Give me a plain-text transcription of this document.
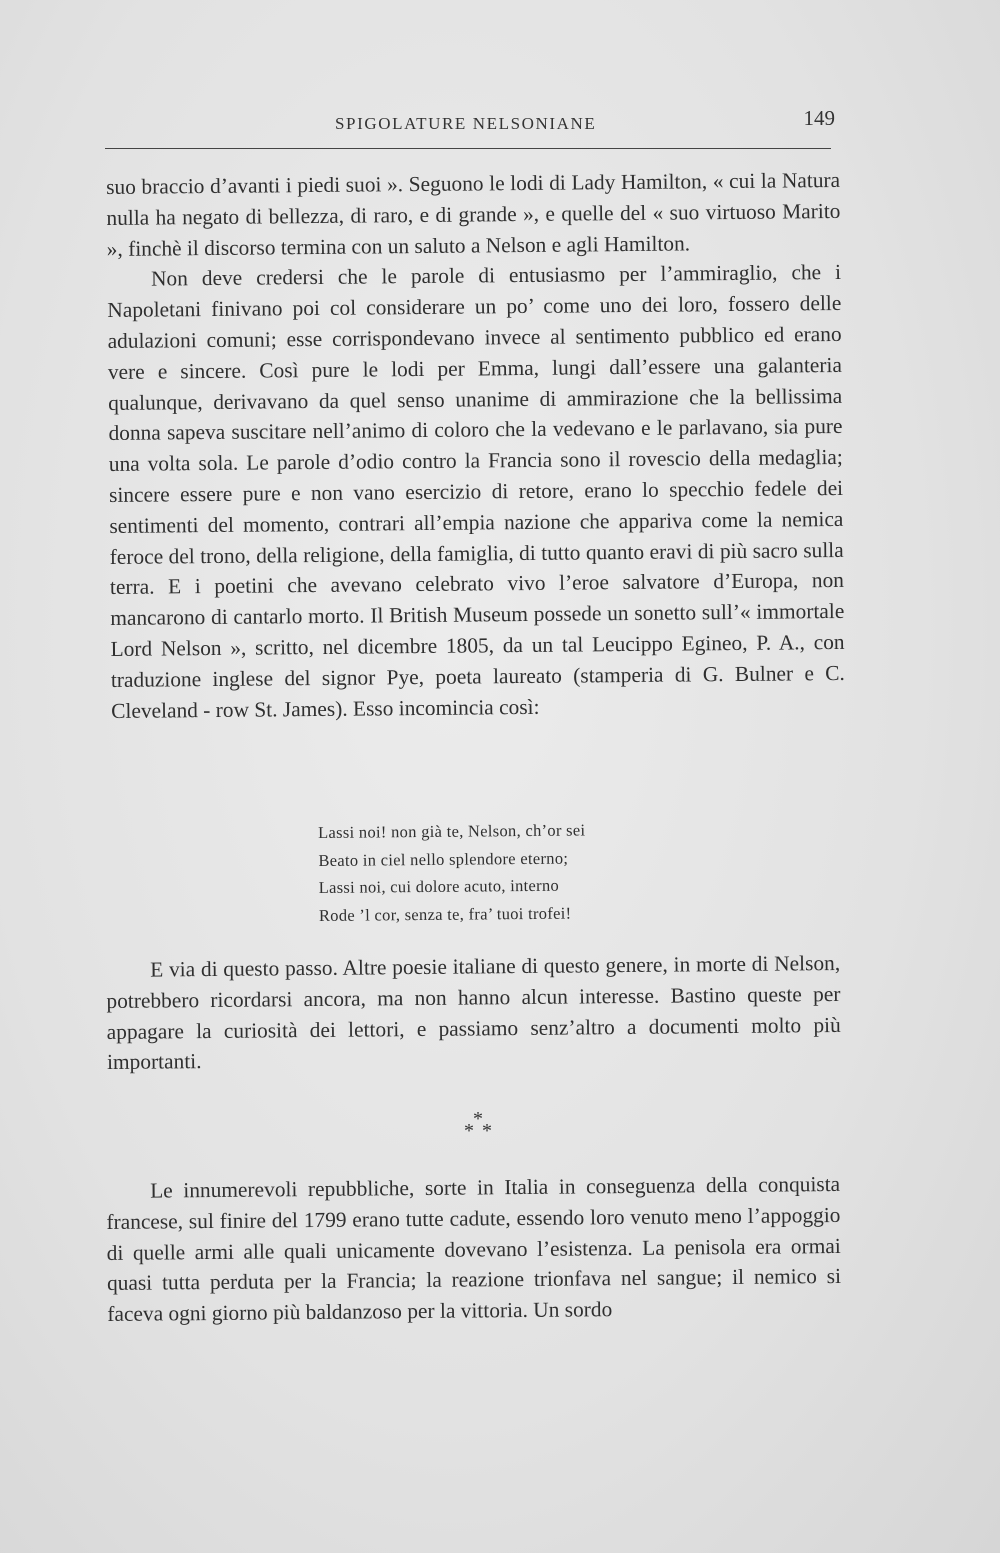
SPIGOLATURE NELSONIANE	149

suo braccio d’avanti i piedi suoi ». Seguono le lodi di Lady Hamilton, « cui la Natura nulla ha negato di bellezza, di raro, e di grande », e quelle del « suo virtuoso Marito », finchè il discorso termina con un saluto a Nelson e agli Hamilton.

Non deve credersi che le parole di entusiasmo per l’ammiraglio, che i Napoletani finivano poi col considerare un po’ come uno dei loro, fossero delle adulazioni comuni; esse corrispondevano invece al sentimento pubblico ed erano vere e sincere. Così pure le lodi per Emma, lungi dall’essere una galanteria qualunque, derivavano da quel senso unanime di ammirazione che la bellissima donna sapeva suscitare nell’animo di coloro che la vedevano e le parlavano, sia pure una volta sola. Le parole d’odio contro la Francia sono il rovescio della medaglia; sincere essere pure e non vano esercizio di retore, erano lo specchio fedele dei sentimenti del momento, contrari all’empia nazione che appariva come la nemica feroce del trono, della religione, della famiglia, di tutto quanto eravi di più sacro sulla terra. E i poetini che avevano celebrato vivo l’eroe salvatore d’Europa, non mancarono di cantarlo morto. Il British Museum possede un sonetto sull’« immortale Lord Nelson », scritto, nel dicembre 1805, da un tal Leucippo Egineo, P. A., con traduzione inglese del signor Pye, poeta laureato (stamperia di G. Bulner e C. Cleveland - row St. James). Esso incomincia così:

Lassi noi! non già te, Nelson, ch’or sei
Beato in ciel nello splendore eterno;
Lassi noi, cui dolore acuto, interno
Rode ’l cor, senza te, fra’ tuoi trofei!

E via di questo passo. Altre poesie italiane di questo genere, in morte di Nelson, potrebbero ricordarsi ancora, ma non hanno alcun interesse. Bastino queste per appagare la curiosità dei lettori, e passiamo senz’altro a documenti molto più importanti.

*
* *

Le innumerevoli repubbliche, sorte in Italia in conseguenza della conquista francese, sul finire del 1799 erano tutte cadute, essendo loro venuto meno l’appoggio di quelle armi alle quali unicamente dovevano l’esistenza. La penisola era ormai quasi tutta perduta per la Francia; la reazione trionfava nel sangue; il nemico si faceva ogni giorno più baldanzoso per la vittoria. Un sordo
